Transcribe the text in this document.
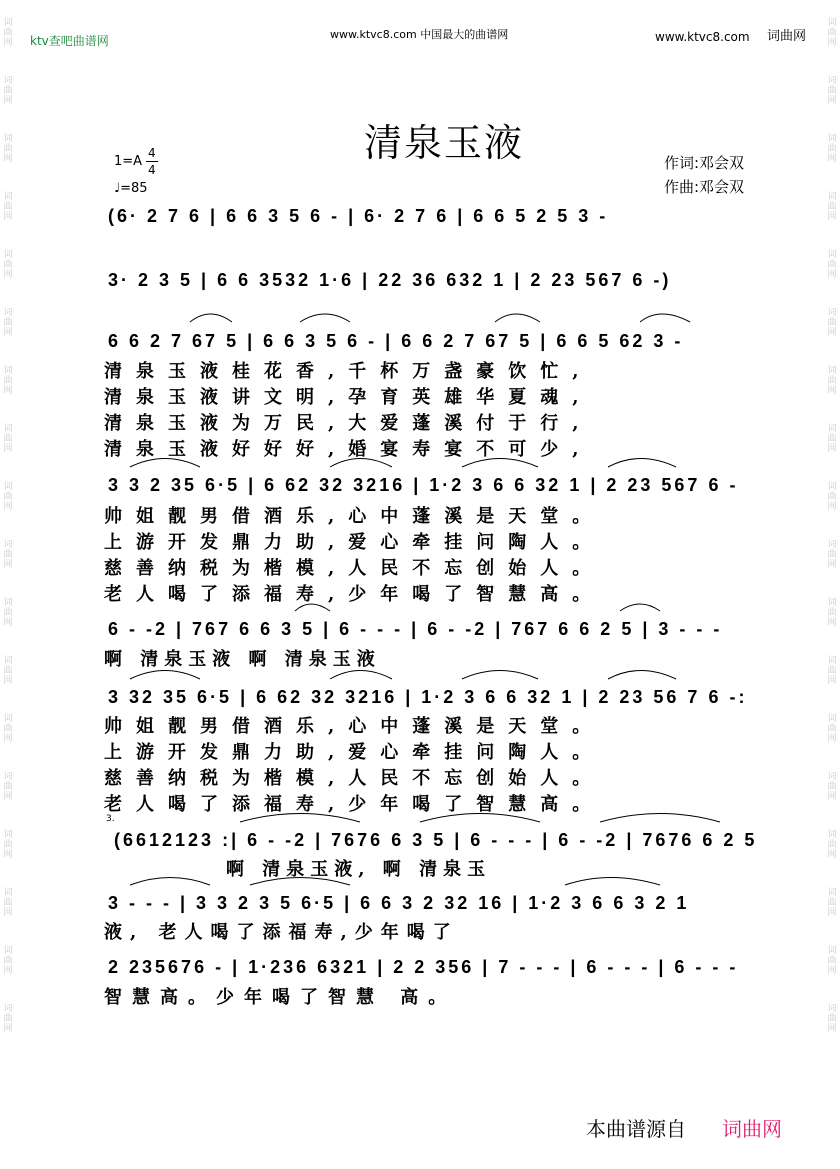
词曲网
词曲网
词曲网
词曲网
词曲网
词曲网
词曲网
词曲网
词曲网
词曲网
词曲网
词曲网
词曲网
词曲网
词曲网
词曲网
词曲网
词曲网
词曲网
词曲网
词曲网
词曲网
词曲网
词曲网
词曲网
词曲网
词曲网
词曲网
词曲网
词曲网
词曲网
词曲网
词曲网
词曲网
词曲网
词曲网
ktv查吧曲谱网	www.ktvc8.com 中国最大的曲谱网	www.ktvc8.com 词曲网
清泉玉液
1=A
4
4
♩=85
作词:邓会双
作曲:邓会双
(6· 2 7 6 | 6 6 3 5 6 - | 6· 2 7 6 | 6 6 5 2 5 3 -
3· 2 3 5 | 6 6 3532 1·6 | 22 36 632 1 | 2 23 567 6 -)
6 6 2 7 67 5 | 6 6 3 5 6 - | 6 6 2 7 67 5 | 6 6 5 62 3 -
清泉玉液桂花香,千杯万盏豪饮忙,
清泉玉液讲文明,孕育英雄华夏魂,
清泉玉液为万民,大爱蓬溪付于行,
清泉玉液好好好,婚宴寿宴不可少,
3 3 2 35 6·5 | 6 62 32 3216 | 1·2 3 6 6 32 1 | 2 23 567 6 -
帅姐靓男借酒乐,心中蓬溪是天堂。
上游开发鼎力助,爱心牵挂问陶人。
慈善纳税为楷模,人民不忘创始人。
老人喝了添福寿,少年喝了智慧高。
6 - -2 | 767 6 6 3 5 | 6 - - - | 6 - -2 | 767 6 6 2 5 | 3 - - -
啊 清泉玉液 啊 清泉玉液
3 32 35 6·5 | 6 62 32 3216 | 1·2 3 6 6 32 1 | 2 23 56 7 6 -:
帅姐靓男借酒乐,心中蓬溪是天堂。
上游开发鼎力助,爱心牵挂问陶人。
慈善纳税为楷模,人民不忘创始人。
老人喝了添福寿,少年喝了智慧高。
3.
(6612123 :| 6 - -2 | 7676 6 3 5 | 6 - - - | 6 - -2 | 7676 6 2 5
啊 清泉玉液, 啊 清泉玉
3 - - - | 3 3 2 3 5 6·5 | 6 6 3 2 32 16 | 1·2 3 6 6 3 2 1
液, 老人喝了添福寿,少年喝了
2 235676 - | 1·236 6321 | 2 2 356 | 7 - - - | 6 - - - | 6 - - -
智慧高。少年喝了智慧 高。
本曲谱源自 词曲网
